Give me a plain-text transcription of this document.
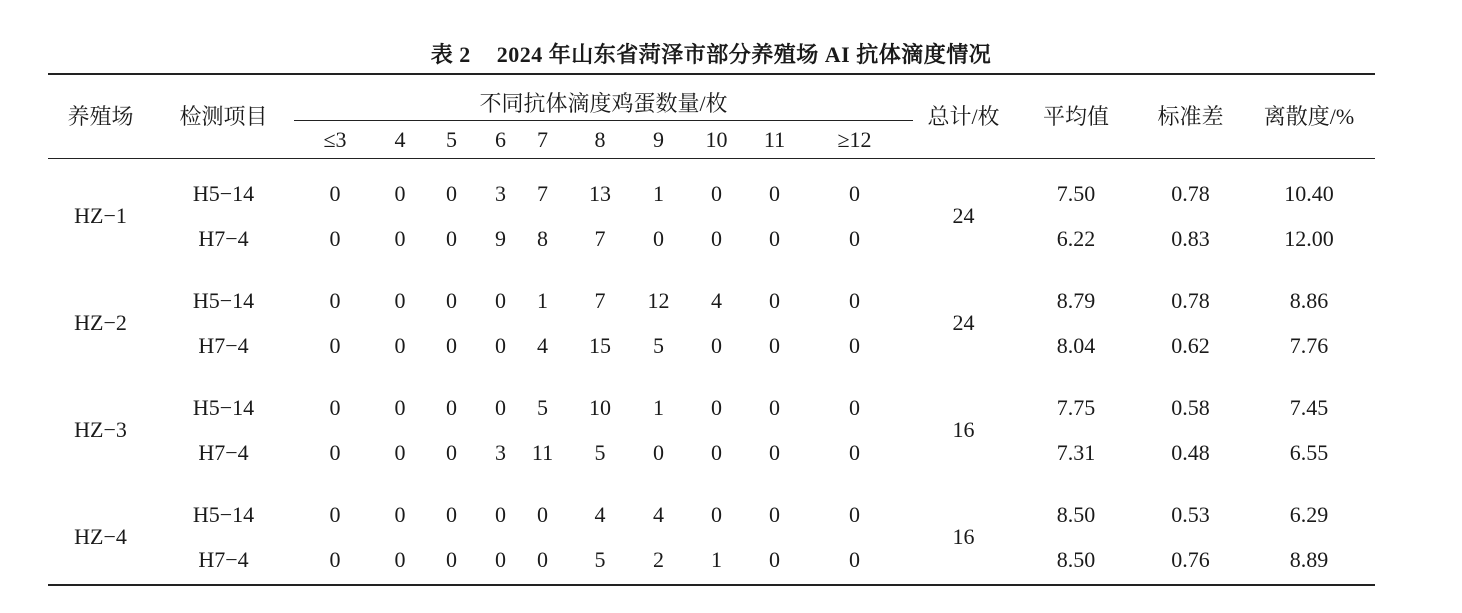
表 2 2024 年山东省菏泽市部分养殖场 AI 抗体滴度情况
养殖场	检测项目	不同抗体滴度鸡蛋数量/枚										总计/枚	平均值	标准差	离散度/%
		≤3	4	5	6	7	8	9	10	11	≥12				

HZ−1	H5−14	0	0	0	3	7	13	1	0	0	0	24	7.50	0.78	10.40
	H7−4	0	0	0	9	8	7	0	0	0	0		6.22	0.83	12.00

HZ−2	H5−14	0	0	0	0	1	7	12	4	0	0	24	8.79	0.78	8.86
	H7−4	0	0	0	0	4	15	5	0	0	0		8.04	0.62	7.76

HZ−3	H5−14	0	0	0	0	5	10	1	0	0	0	16	7.75	0.58	7.45
	H7−4	0	0	0	3	11	5	0	0	0	0		7.31	0.48	6.55

HZ−4	H5−14	0	0	0	0	0	4	4	0	0	0	16	8.50	0.53	6.29
	H7−4	0	0	0	0	0	5	2	1	0	0		8.50	0.76	8.89
